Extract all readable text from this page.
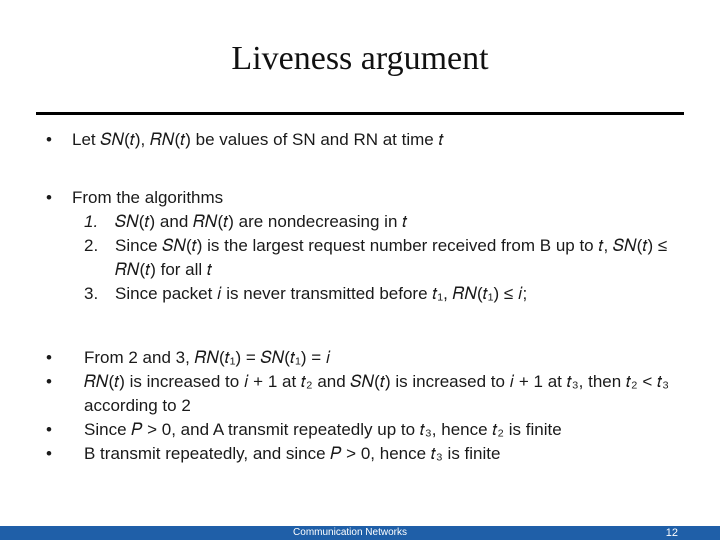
Liveness argument
• Let 𝑆𝑁(𝑡), 𝑅𝑁(𝑡) be values of SN and RN at time 𝑡
• From the algorithms
1. 𝑆𝑁(𝑡) and 𝑅𝑁(𝑡) are nondecreasing in 𝑡
2. Since 𝑆𝑁(𝑡) is the largest request number received from B up to 𝑡, 𝑆𝑁(𝑡) ≤ 𝑅𝑁(𝑡) for all 𝑡
3. Since packet 𝑖 is never transmitted before 𝑡₁, 𝑅𝑁(𝑡₁) ≤ 𝑖;
•	From 2 and 3, 𝑅𝑁(𝑡₁) = 𝑆𝑁(𝑡₁) = 𝑖
•	𝑅𝑁(𝑡) is increased to 𝑖 + 1 at 𝑡₂ and 𝑆𝑁(𝑡) is increased to 𝑖 + 1 at 𝑡₃, then 𝑡₂ < 𝑡₃ according to 2
•	Since 𝑃 > 0, and A transmit repeatedly up to 𝑡₃, hence 𝑡₂ is finite
•	B transmit repeatedly, and since 𝑃 > 0, hence 𝑡₃ is finite
Communication Networks	12
